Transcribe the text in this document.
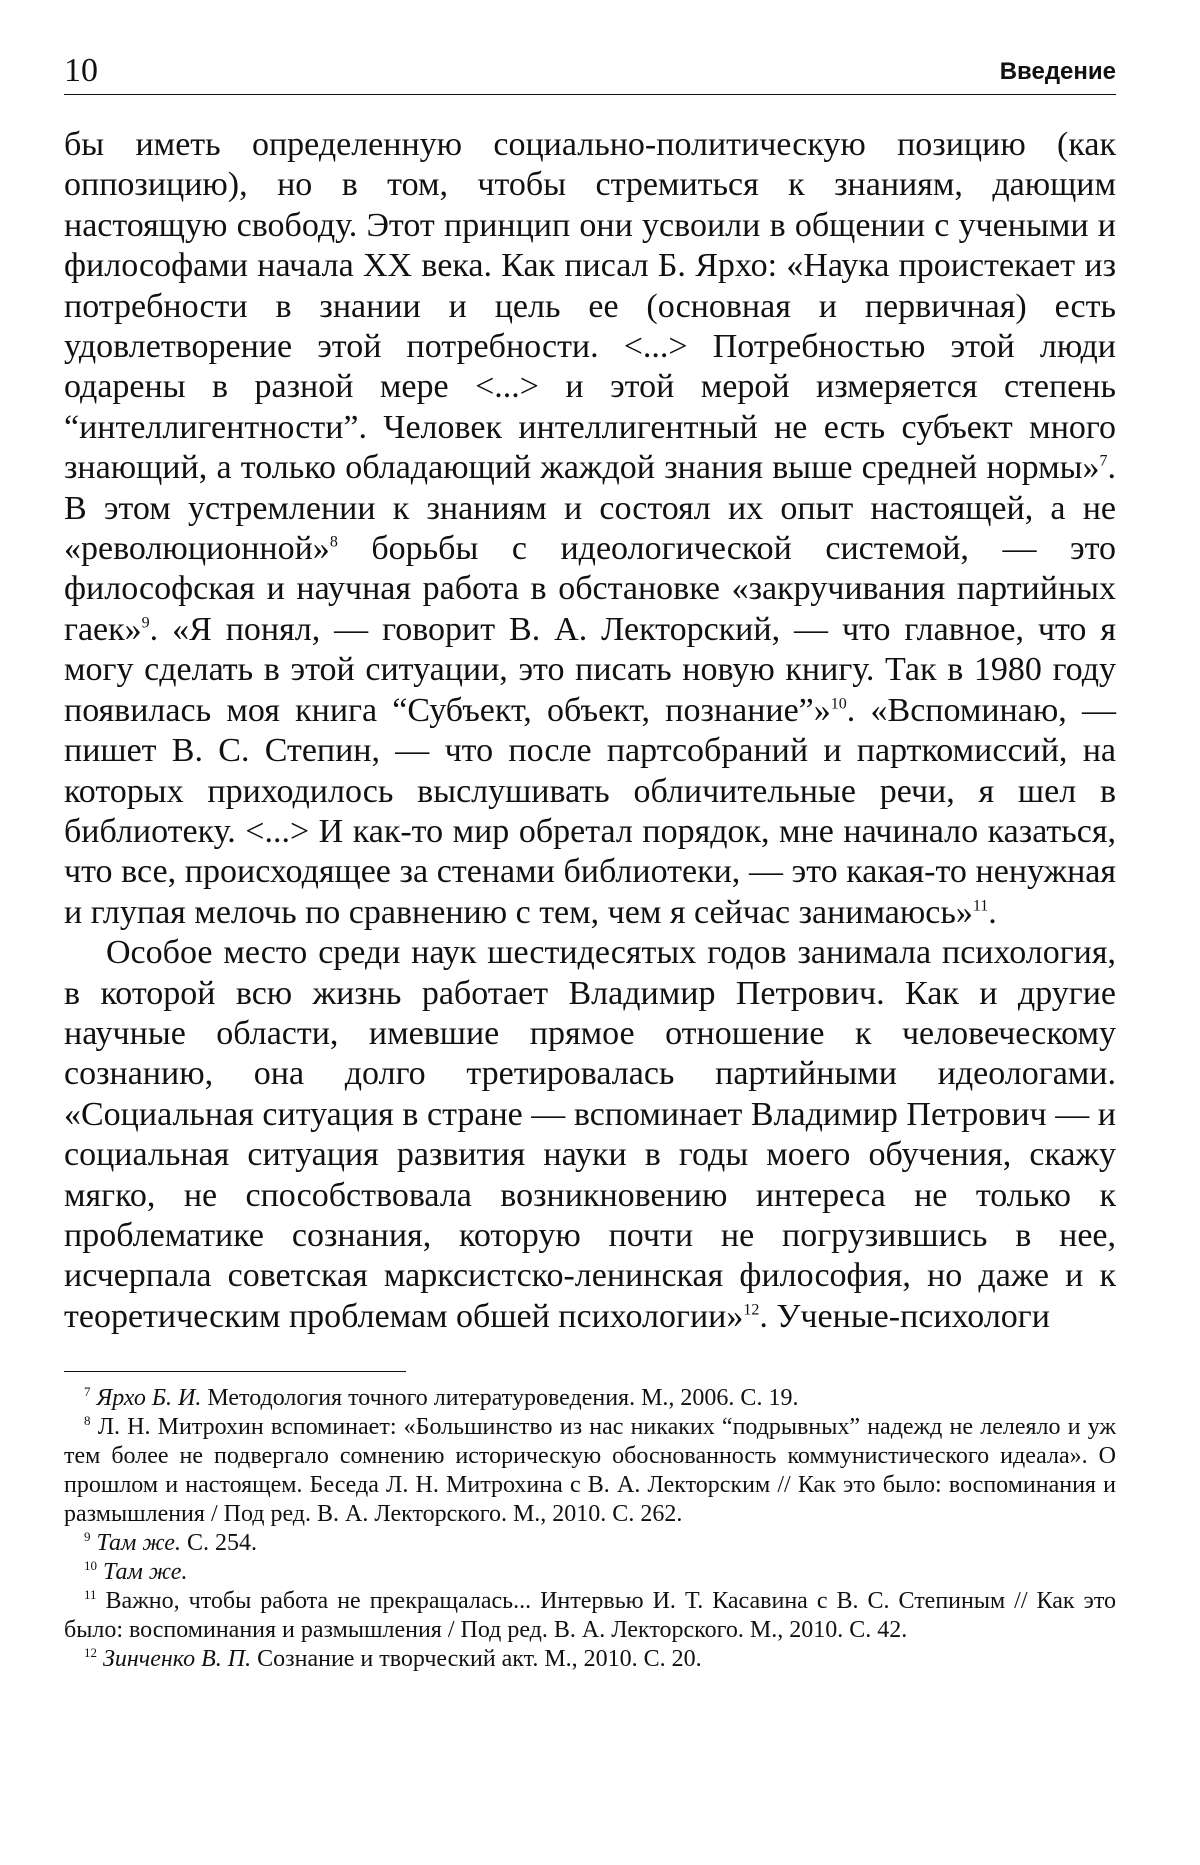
10	Введение

бы иметь определенную социально-политическую позицию (как оппозицию), но в том, чтобы стремиться к знаниям, дающим настоящую свободу. Этот принцип они усвоили в общении с учеными и философами начала XX века. Как писал Б. Ярхо: «Наука проистекает из потребности в знании и цель ее (основная и первичная) есть удовлетворение этой потребности. <...> Потребностью этой люди одарены в разной мере <...> и этой мерой измеряется степень “интеллигентности”. Человек интеллигентный не есть субъект много знающий, а только обладающий жаждой знания выше средней нормы»$^7$. В этом устремлении к знаниям и состоял их опыт настоящей, а не «революционной»$^8$ борьбы с идеологической системой, — это философская и научная работа в обстановке «закручивания партийных гаек»$^9$. «Я понял, — говорит В. А. Лекторский, — что главное, что я могу сделать в этой ситуации, это писать новую книгу. Так в 1980 году появилась моя книга “Субъект, объект, познание”»$^{10}$. «Вспоминаю, — пишет В. С. Степин, — что после партсобраний и парткомиссий, на которых приходилось выслушивать обличительные речи, я шел в библиотеку. <...> И как-то мир обретал порядок, мне начинало казаться, что все, происходящее за стенами библиотеки, — это какая-то ненужная и глупая мелочь по сравнению с тем, чем я сейчас занимаюсь»$^{11}$.

Особое место среди наук шестидесятых годов занимала психология, в которой всю жизнь работает Владимир Петрович. Как и другие научные области, имевшие прямое отношение к человеческому сознанию, она долго третировалась партийными идеологами. «Социальная ситуация в стране — вспоминает Владимир Петрович — и социальная ситуация развития науки в годы моего обучения, скажу мягко, не способствовала возникновению интереса не только к проблематике сознания, которую почти не погрузившись в нее, исчерпала советская марксистско-ленинская философия, но даже и к теоретическим проблемам обшей психологии»$^{12}$. Ученые-психологи

$^7$ Ярхо Б. И. Методология точного литературоведения. М., 2006. С. 19.

$^8$ Л. Н. Митрохин вспоминает: «Большинство из нас никаких “подрывных” надежд не лелеяло и уж тем более не подвергало сомнению историческую обоснованность коммунистического идеала». О прошлом и настоящем. Беседа Л. Н. Митрохина с В. А. Лекторским // Как это было: воспоминания и размышления / Под ред. В. А. Лекторского. М., 2010. С. 262.

$^9$ Там же. С. 254.

$^{10}$ Там же.

$^{11}$ Важно, чтобы работа не прекращалась... Интервью И. Т. Касавина с В. С. Степиным // Как это было: воспоминания и размышления / Под ред. В. А. Лекторского. М., 2010. С. 42.

$^{12}$ Зинченко В. П. Сознание и творческий акт. М., 2010. С. 20.
